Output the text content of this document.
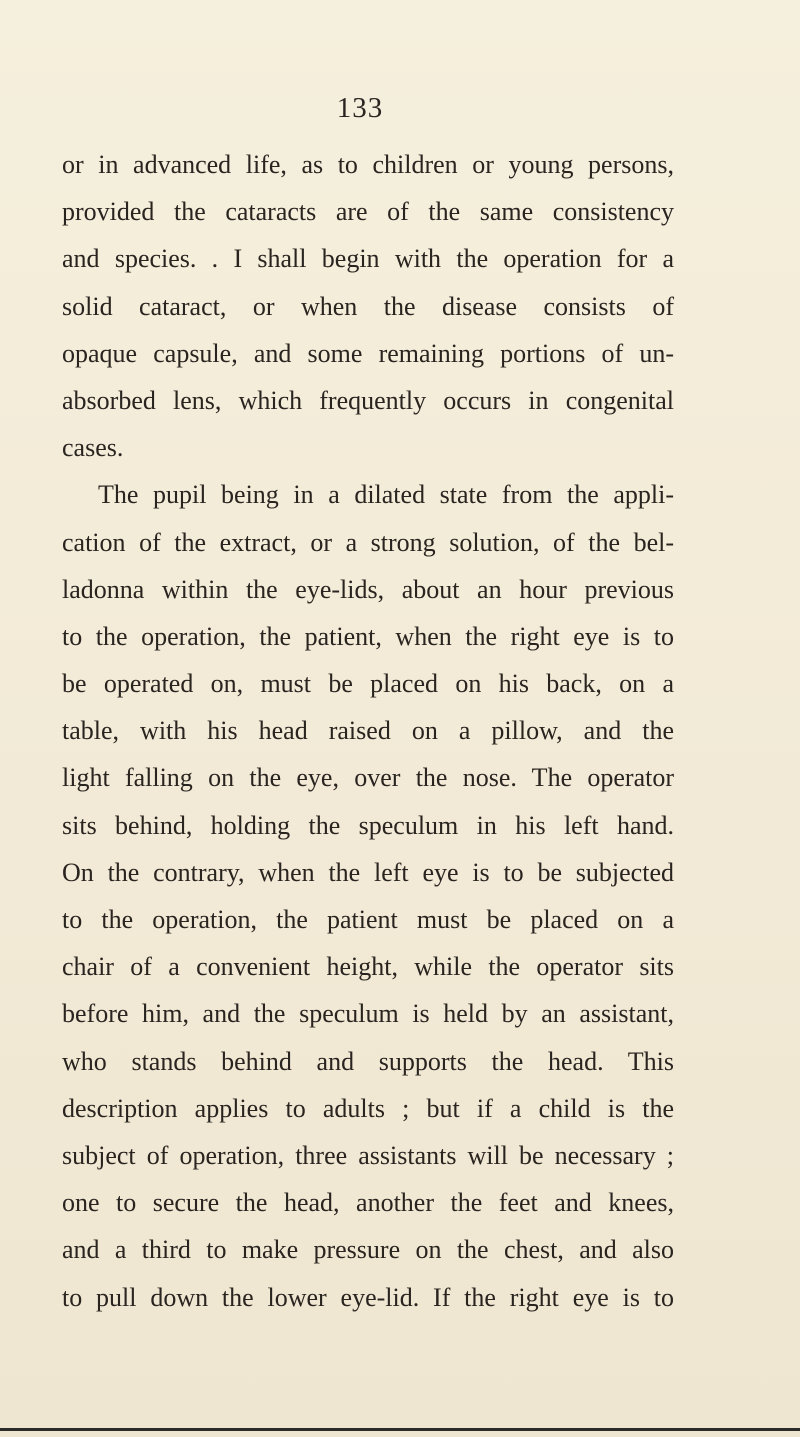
133
or in advanced life, as to children or young persons,
provided the cataracts are of the same consistency
and species. . I shall begin with the operation for a
solid cataract, or when the disease consists of
opaque capsule, and some remaining portions of un-
absorbed lens, which frequently occurs in congenital
cases.
The pupil being in a dilated state from the appli-
cation of the extract, or a strong solution, of the bel-
ladonna within the eye-lids, about an hour previous
to the operation, the patient, when the right eye is to
be operated on, must be placed on his back, on a
table, with his head raised on a pillow, and the
light falling on the eye, over the nose. The operator
sits behind, holding the speculum in his left hand.
On the contrary, when the left eye is to be subjected
to the operation, the patient must be placed on a
chair of a convenient height, while the operator sits
before him, and the speculum is held by an assistant,
who stands behind and supports the head. This
description applies to adults ; but if a child is the
subject of operation, three assistants will be necessary ;
one to secure the head, another the feet and knees,
and a third to make pressure on the chest, and also
to pull down the lower eye-lid. If the right eye is to
